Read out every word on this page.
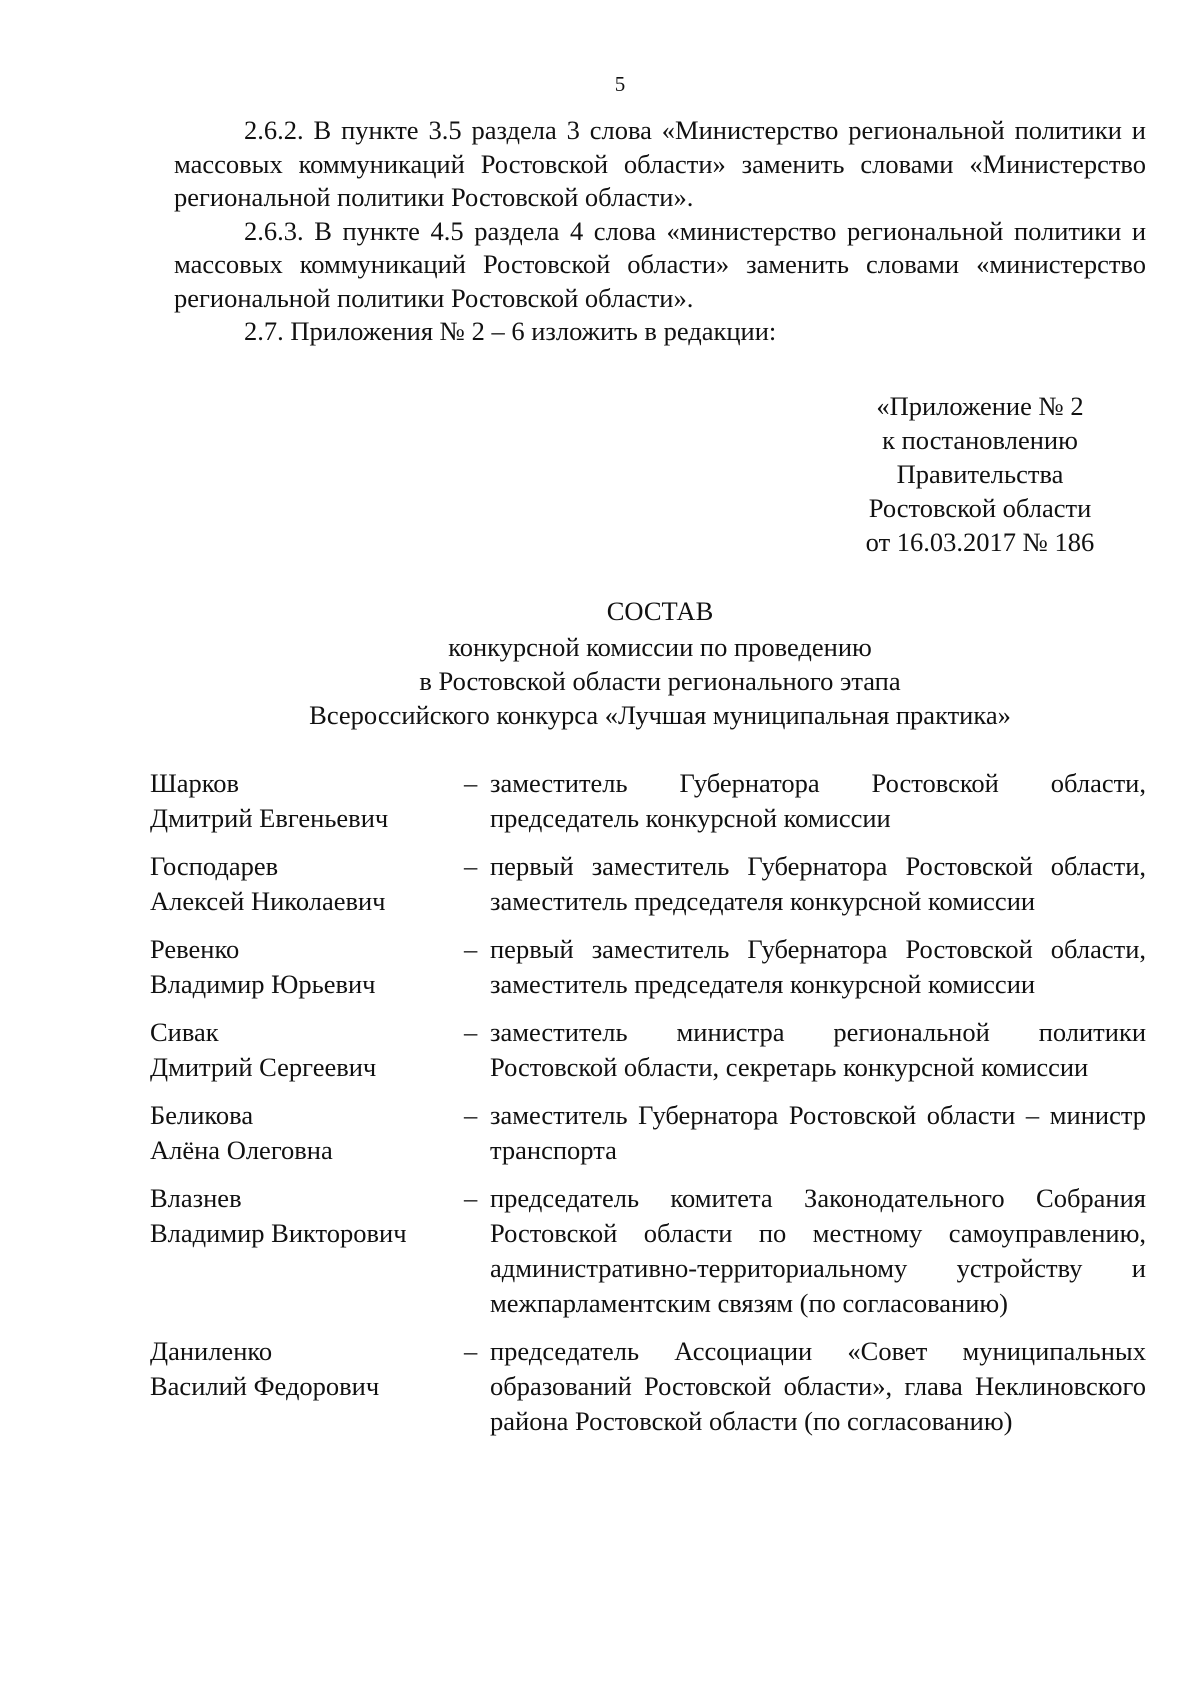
5

2.6.2. В пункте 3.5 раздела 3 слова «Министерство региональной политики и массовых коммуникаций Ростовской области» заменить словами «Министерство региональной политики Ростовской области».

2.6.3. В пункте 4.5 раздела 4 слова «министерство региональной политики и массовых коммуникаций Ростовской области» заменить словами «министерство региональной политики Ростовской области».

2.7. Приложения № 2 – 6 изложить в редакции:

«Приложение № 2
к постановлению
Правительства
Ростовской области
от 16.03.2017 № 186
СОСТАВ
конкурсной комиссии по проведению
в Ростовской области регионального этапа
Всероссийского конкурса «Лучшая муниципальная практика»
Шарков
Дмитрий Евгеньевич
– заместитель Губернатора Ростовской области, председатель конкурсной комиссии
Господарев
Алексей Николаевич
– первый заместитель Губернатора Ростовской области, заместитель председателя конкурсной комиссии
Ревенко
Владимир Юрьевич
– первый заместитель Губернатора Ростовской области, заместитель председателя конкурсной комиссии
Сивак
Дмитрий Сергеевич
– заместитель министра региональной политики Ростовской области, секретарь конкурсной комиссии
Беликова
Алёна Олеговна
– заместитель Губернатора Ростовской области – министр транспорта
Влазнев
Владимир Викторович
– председатель комитета Законодательного Собрания Ростовской области по местному самоуправлению, административно-территориальному устройству и межпарламентским связям (по согласованию)
Даниленко
Василий Федорович
– председатель Ассоциации «Совет муниципальных образований Ростовской области», глава Неклиновского района Ростовской области (по согласованию)
